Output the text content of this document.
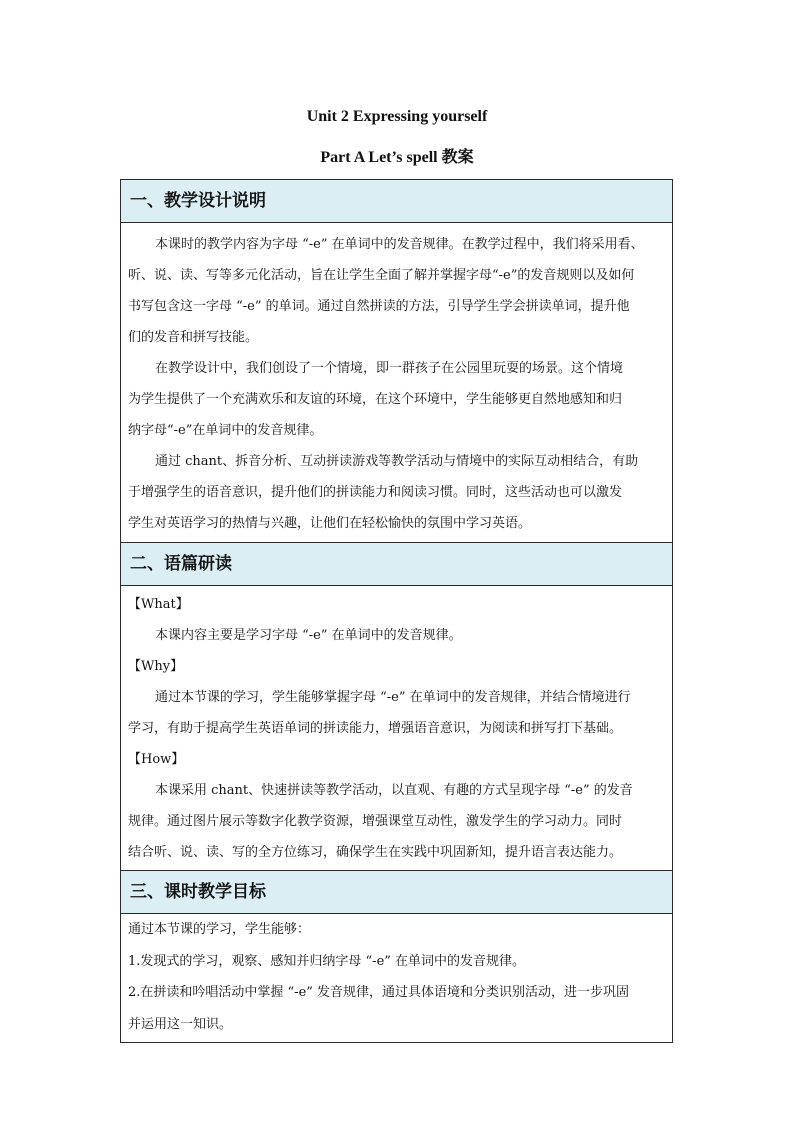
Unit 2 Expressing yourself
Part A Let’s spell 教案
一、教学设计说明
本课时的教学内容为字母 “-e” 在单词中的发音规律。在教学过程中，我们将采用看、
听、说、读、写等多元化活动，旨在让学生全面了解并掌握字母“-e”的发音规则以及如何
书写包含这一字母 “-e” 的单词。通过自然拼读的方法，引导学生学会拼读单词，提升他
们的发音和拼写技能。
在教学设计中，我们创设了一个情境，即一群孩子在公园里玩耍的场景。这个情境
为学生提供了一个充满欢乐和友谊的环境，在这个环境中，学生能够更自然地感知和归
纳字母“-e”在单词中的发音规律。
通过 chant、拆音分析、互动拼读游戏等教学活动与情境中的实际互动相结合，有助
于增强学生的语音意识，提升他们的拼读能力和阅读习惯。同时，这些活动也可以激发
学生对英语学习的热情与兴趣，让他们在轻松愉快的氛围中学习英语。
二、语篇研读
【What】
本课内容主要是学习字母 “-e” 在单词中的发音规律。
【Why】
通过本节课的学习，学生能够掌握字母 “-e” 在单词中的发音规律，并结合情境进行
学习，有助于提高学生英语单词的拼读能力，增强语音意识，为阅读和拼写打下基础。
【How】
本课采用 chant、快速拼读等教学活动，以直观、有趣的方式呈现字母 “-e” 的发音
规律。通过图片展示等数字化教学资源，增强课堂互动性，激发学生的学习动力。同时
结合听、说、读、写的全方位练习，确保学生在实践中巩固新知，提升语言表达能力。
三、课时教学目标
通过本节课的学习，学生能够：
1.发现式的学习，观察、感知并归纳字母 “-e” 在单词中的发音规律。
2.在拼读和吟唱活动中掌握 “-e” 发音规律，通过具体语境和分类识别活动，进一步巩固
并运用这一知识。
